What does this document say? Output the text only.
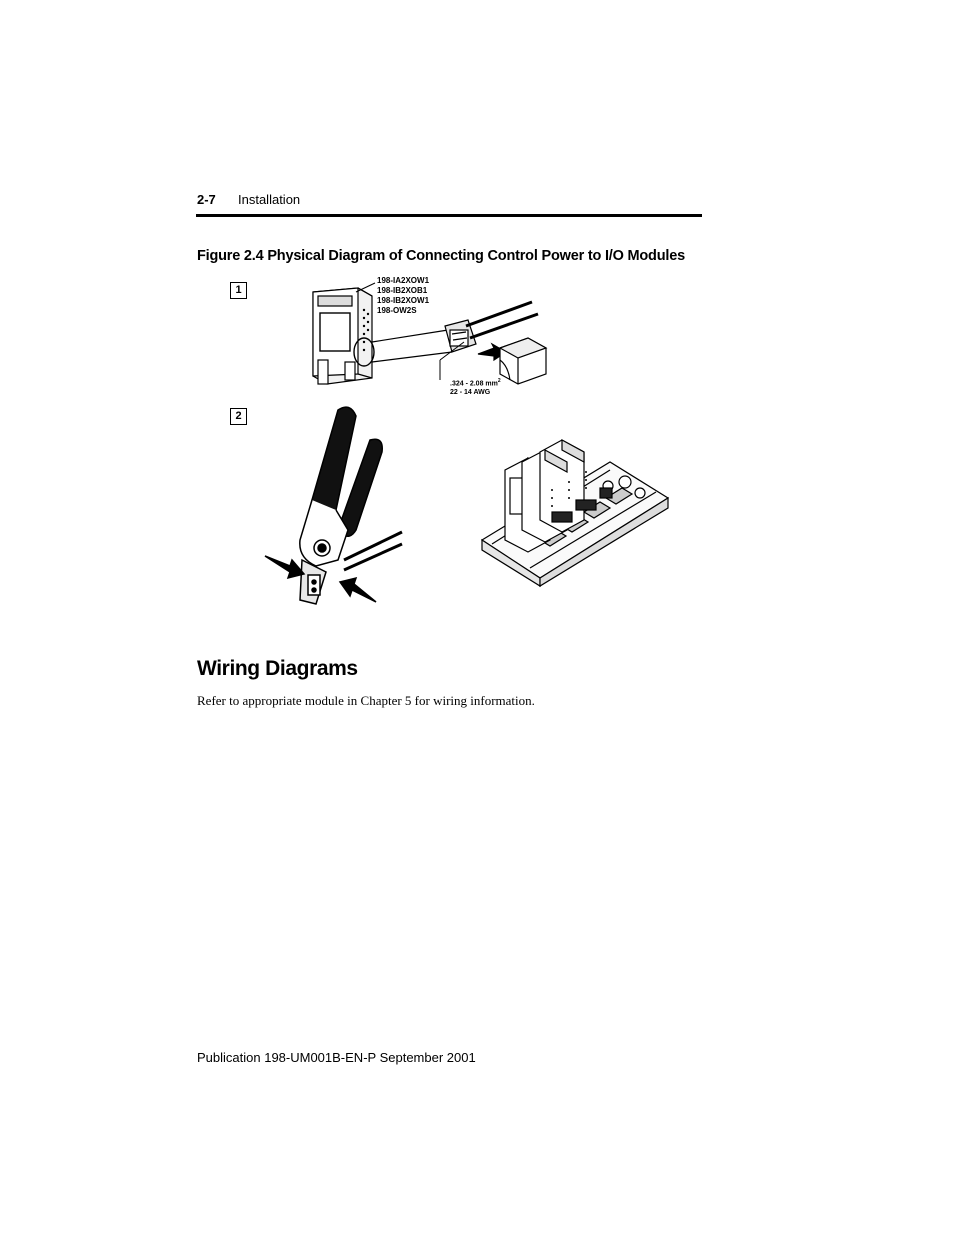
2-7 Installation
Figure 2.4 Physical Diagram of Connecting Control Power to I/O Modules
1
2
198-IA2XOW1
198-IB2XOB1
198-IB2XOW1
198-OW2S
.324 - 2.08 $mm^2$
22 - 14 AWG
Wiring Diagrams
Refer to appropriate module in Chapter 5 for wiring information.
Publication 198-UM001B-EN-P September 2001
